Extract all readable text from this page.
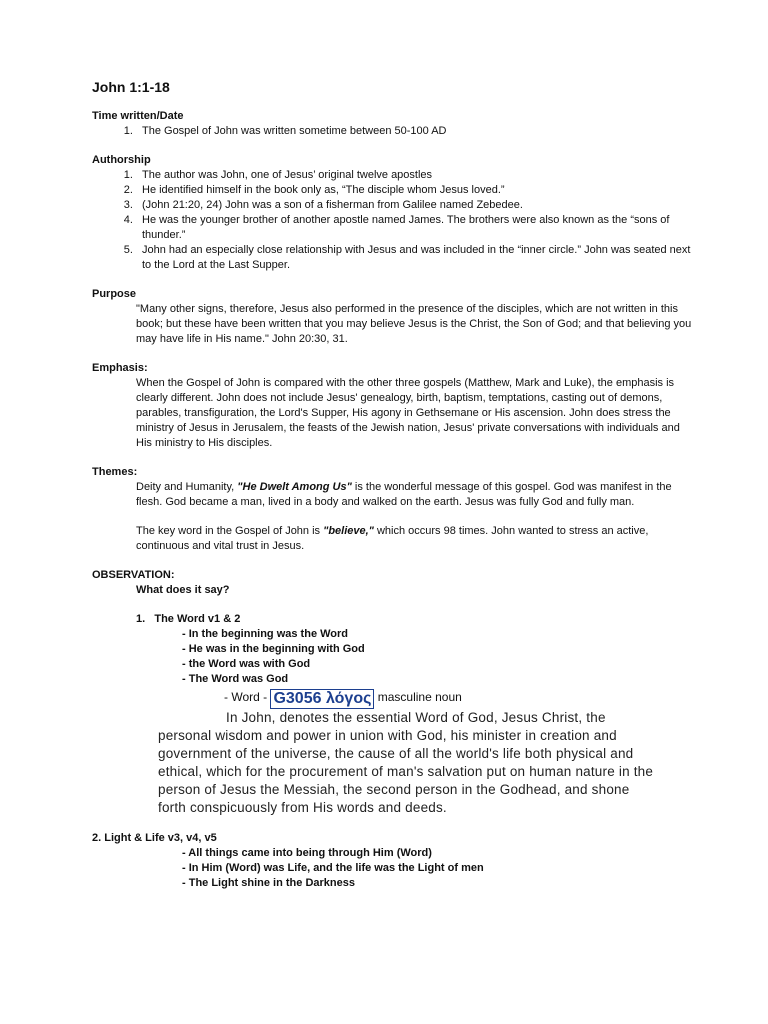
John 1:1-18
Time written/Date
1. The Gospel of John was written sometime between 50-100 AD
Authorship
1. The author was John, one of Jesus’ original twelve apostles
2. He identified himself in the book only as, “The disciple whom Jesus loved.”
3. (John 21:20, 24) John was a son of a fisherman from Galilee named Zebedee.
4. He was the younger brother of another apostle named James. The brothers were also known as the “sons of thunder.”
5. John had an especially close relationship with Jesus and was included in the “inner circle.” John was seated next to the Lord at the Last Supper.
Purpose
"Many other signs, therefore, Jesus also performed in the presence of the disciples, which are not written in this book; but these have been written that you may believe Jesus is the Christ, the Son of God; and that believing you may have life in His name." John 20:30, 31.
Emphasis:
When the Gospel of John is compared with the other three gospels (Matthew, Mark and Luke), the emphasis is clearly different. John does not include Jesus' genealogy, birth, baptism, temptations, casting out of demons, parables, transfiguration, the Lord's Supper, His agony in Gethsemane or His ascension. John does stress the ministry of Jesus in Jerusalem, the feasts of the Jewish nation, Jesus' private conversations with individuals and His ministry to His disciples.
Themes:
Deity and Humanity, "He Dwelt Among Us" is the wonderful message of this gospel. God was manifest in the flesh. God became a man, lived in a body and walked on the earth. Jesus was fully God and fully man.
The key word in the Gospel of John is "believe," which occurs 98 times. John wanted to stress an active, continuous and vital trust in Jesus.
OBSERVATION:
What does it say?
1. The Word v1 & 2
- In the beginning was the Word
- He was in the beginning with God
- the Word was with God
- The Word was God
- Word - G3056 λόγος masculine noun
In John, denotes the essential Word of God, Jesus Christ, the personal wisdom and power in union with God, his minister in creation and government of the universe, the cause of all the world's life both physical and ethical, which for the procurement of man's salvation put on human nature in the person of Jesus the Messiah, the second person in the Godhead, and shone forth conspicuously from His words and deeds.
2. Light & Life v3, v4, v5
- All things came into being through Him (Word)
- In Him (Word) was Life, and the life was the Light of men
- The Light shine in the Darkness
